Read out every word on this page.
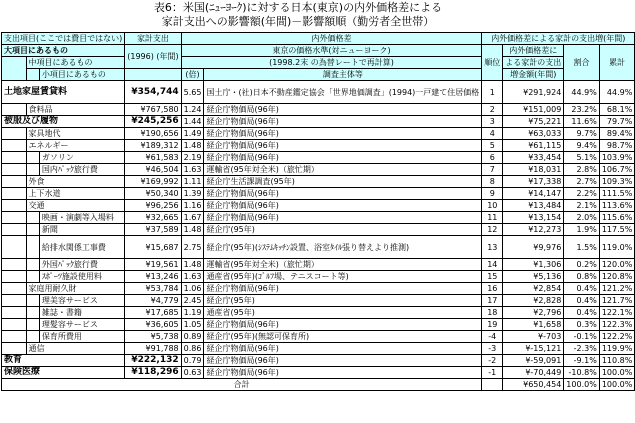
表6：米国(ﾆｭｰﾖｰｸ)に対する日本(東京)の内外価格差による
家計支出への影響額(年間)－影響額順（勤労者全世帯）
支出項目(ここでは費目ではない)			家計支出	内外価格差		内外価格差による家計の支出増(年間)			
大項目にあるもの			(1996) (年間)	東京の価格水準(対ニューヨーク)		順位	内外価格差に	割合	累計
	中項目にあるもの			(1998.2末 の為替レートで再計算)			よる家計の支出		
		小項目にあるもの		(倍)	調査主体等		増金額(年間)		
土地家屋賃貸料			¥354,744	5.65	国土庁・(社)日本不動産鑑定協会「世界地価調査」(1994)一戸建て住居価格	1	¥291,924	44.9%	44.9%
	食料品		¥767,580	1.24	経企庁物価局(96年)	2	¥151,009	23.2%	68.1%
被服及び履物			¥245,256	1.44	経企庁物価局(96年)	3	¥75,221	11.6%	79.7%
	家具地代		¥190,656	1.49	経企庁物価局(96年)	4	¥63,033	9.7%	89.4%
	エネルギー		¥189,312	1.48	経企庁物価局(96年)	5	¥61,115	9.4%	98.7%
		ガソリン	¥61,583	2.19	経企庁物価局(96年)	6	¥33,454	5.1%	103.9%
		国内ﾊﾟｯｸ旅行費	¥46,504	1.63	運輸省(95年対全米)（旅忙期）	7	¥18,031	2.8%	106.7%
	外食		¥169,992	1.11	経企庁生活課調査(95年)	8	¥17,338	2.7%	109.3%
	上下水道		¥50,340	1.39	経企庁物価局(96年)	9	¥14,147	2.2%	111.5%
	交通		¥96,256	1.16	経企庁物価局(96年)	10	¥13,484	2.1%	113.6%
		映画・演劇等入場料	¥32,665	1.67	経企庁物価局(96年)	11	¥13,154	2.0%	115.6%
		新聞	¥37,589	1.48	経企庁(95年)	12	¥12,273	1.9%	117.5%
		給排水関係工事費	¥15,687	2.75	経企庁(95年)(ｼｽﾃﾑｷｯﾁﾝ設置、浴室ﾀｲﾙ張り替えより推測)	13	¥9,976	1.5%	119.0%
		外国ﾊﾟｯｸ旅行費	¥19,561	1.48	運輸省(95年対全米)（旅忙期）	14	¥1,306	0.2%	120.0%
		ｽﾎﾟｰﾂ施設使用料	¥13,246	1.63	通産省(95年)(ｺﾞﾙﾌ場、テニスコート等)	15	¥5,136	0.8%	120.8%
	家庭用耐久財		¥53,784	1.06	経企庁物価局(96年)	16	¥2,854	0.4%	121.2%
		理美容サービス	¥4,779	2.45	経企庁(95年)	17	¥2,828	0.4%	121.7%
		雑誌・書籍	¥17,685	1.19	通産省(95年)	18	¥2,796	0.4%	122.1%
		理髪容サービス	¥36,605	1.05	経企庁物価局(96年)	19	¥1,658	0.3%	122.3%
		保育所費用	¥5,738	0.89	経企庁(95年)(無認可保育所)	-4	¥-703	-0.1%	122.2%
	通信		¥91,788	0.86	経企庁物価局(96年)	-3	¥-15,121	-2.3%	119.9%
教育			¥222,132	0.79	経企庁物価局(96年)	-2	¥-59,091	-9.1%	110.8%
保険医療			¥118,296	0.63	経企庁物価局(96年)	-1	¥-70,449	-10.8%	100.0%
合計							¥650,454	100.0%	100.0%
